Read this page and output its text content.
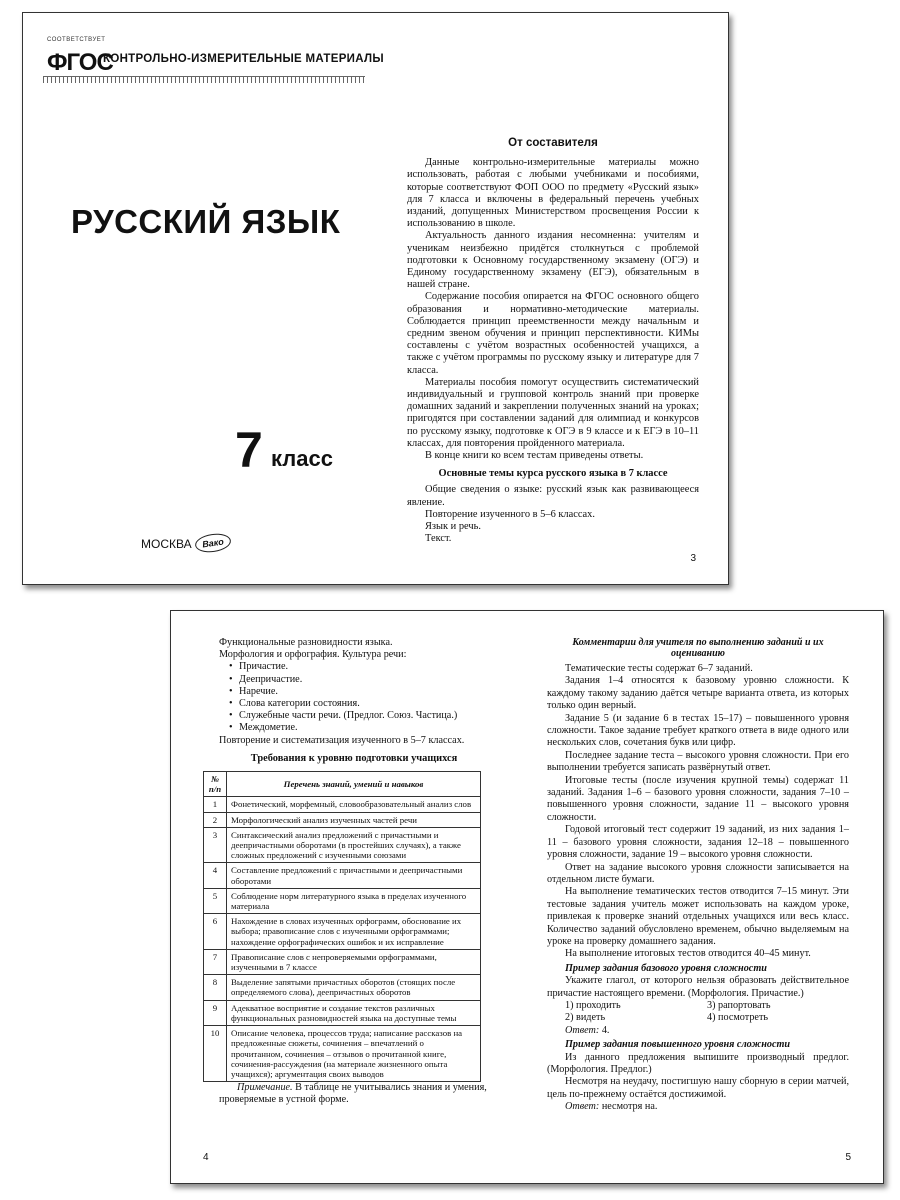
СООТВЕТСТВУЕТ
ФГОС
КОНТРОЛЬНО-ИЗМЕРИТЕЛЬНЫЕ МАТЕРИАЛЫ
РУССКИЙ ЯЗЫК
7 класс
МОСКВА	Вако
От составителя

Данные контрольно-измерительные материалы можно использовать, работая с любыми учебниками и пособиями, которые соответствуют ФОП ООО по предмету «Русский язык» для 7 класса и включены в федеральный перечень учебных изданий, допущенных Министерством просвещения России к использованию в школе.

Актуальность данного издания несомненна: учителям и ученикам неизбежно придётся столкнуться с проблемой подготовки к Основному государственному экзамену (ОГЭ) и Единому государственному экзамену (ЕГЭ), обязательным в нашей стране.

Содержание пособия опирается на ФГОС основного общего образования и нормативно-методические материалы. Соблюдается принцип преемственности между начальным и средним звеном обучения и принцип перспективности. КИМы составлены с учётом возрастных особенностей учащихся, а также с учётом программы по русскому языку и литературе для 7 класса.

Материалы пособия помогут осуществить систематический индивидуальный и групповой контроль знаний при проверке домашних заданий и закреплении полученных знаний на уроках; пригодятся при составлении заданий для олимпиад и конкурсов по русскому языку, подготовке к ОГЭ в 9 классе и к ЕГЭ в 10–11 классах, для повторения пройденного материала.

В конце книги ко всем тестам приведены ответы.

Основные темы курса русского языка в 7 классе

Общие сведения о языке: русский язык как развивающееся явление.

Повторение изученного в 5–6 классах.

Язык и речь.

Текст.

3

Функциональные разновидности языка.

Морфология и орфография. Культура речи:

• Причастие.
• Деепричастие.
• Наречие.
• Слова категории состояния.
• Служебные части речи. (Предлог. Союз. Частица.)
• Междометие.

Повторение и систематизация изученного в 5–7 классах.

Требования к уровню подготовки учащихся
№
п/п	Перечень знаний, умений и навыков
1	Фонетический, морфемный, словообразовательный анализ слов
2	Морфологический анализ изученных частей речи
3	Синтаксический анализ предложений с причастными и деепричастными оборотами (в простейших случаях), а также сложных предложений с изученными союзами
4	Составление предложений с причастными и деепричастными оборотами
5	Соблюдение норм литературного языка в пределах изученного материала
6	Нахождение в словах изученных орфограмм, обоснование их выбора; правописание слов с изученными орфограммами; нахождение орфографических ошибок и их исправление
7	Правописание слов с непроверяемыми орфограммами, изученными в 7 классе
8	Выделение запятыми причастных оборотов (стоящих после определяемого слова), деепричастных оборотов
9	Адекватное восприятие и создание текстов различных функциональных разновидностей языка на доступные темы
10	Описание человека, процессов труда; написание рассказов на предложенные сюжеты, сочинения – впечатлений о прочитанном, сочинения – отзывов о прочитанной книге, сочинения-рассуждения (на материале жизненного опыта учащихся); аргументация своих выводов

Примечание. В таблице не учитывались знания и умения, проверяемые в устной форме.

Комментарии для учителя по выполнению заданий и их оцениванию

Тематические тесты содержат 6–7 заданий.

Задания 1–4 относятся к базовому уровню сложности. К каждому такому заданию даётся четыре варианта ответа, из которых только один верный.

Задание 5 (и задание 6 в тестах 15–17) – повышенного уровня сложности. Такое задание требует краткого ответа в виде одного или нескольких слов, сочетания букв или цифр.

Последнее задание теста – высокого уровня сложности. При его выполнении требуется записать развёрнутый ответ.

Итоговые тесты (после изучения крупной темы) содержат 11 заданий. Задания 1–6 – базового уровня сложности, задания 7–10 – повышенного уровня сложности, задание 11 – высокого уровня сложности.

Годовой итоговый тест содержит 19 заданий, из них задания 1–11 – базового уровня сложности, задания 12–18 – повышенного уровня сложности, задание 19 – высокого уровня сложности.

Ответ на задание высокого уровня сложности записывается на отдельном листе бумаги.

На выполнение тематических тестов отводится 7–15 минут. Эти тестовые задания учитель может использовать на каждом уроке, привлекая к проверке знаний отдельных учащихся или весь класс. Количество заданий обусловлено временем, обычно выделяемым на уроке на проверку домашнего задания.

На выполнение итоговых тестов отводится 40–45 минут.

Пример задания базового уровня сложности

Укажите глагол, от которого нельзя образовать действительное причастие настоящего времени. (Морфология. Причастие.)

1) проходить	3) рапортовать
2) видеть	4) посмотреть

Ответ: 4.

Пример задания повышенного уровня сложности

Из данного предложения выпишите производный предлог. (Морфология. Предлог.)

Несмотря на неудачу, постигшую нашу сборную в серии матчей, цель по-прежнему остаётся достижимой.

Ответ: несмотря на.

4	5
